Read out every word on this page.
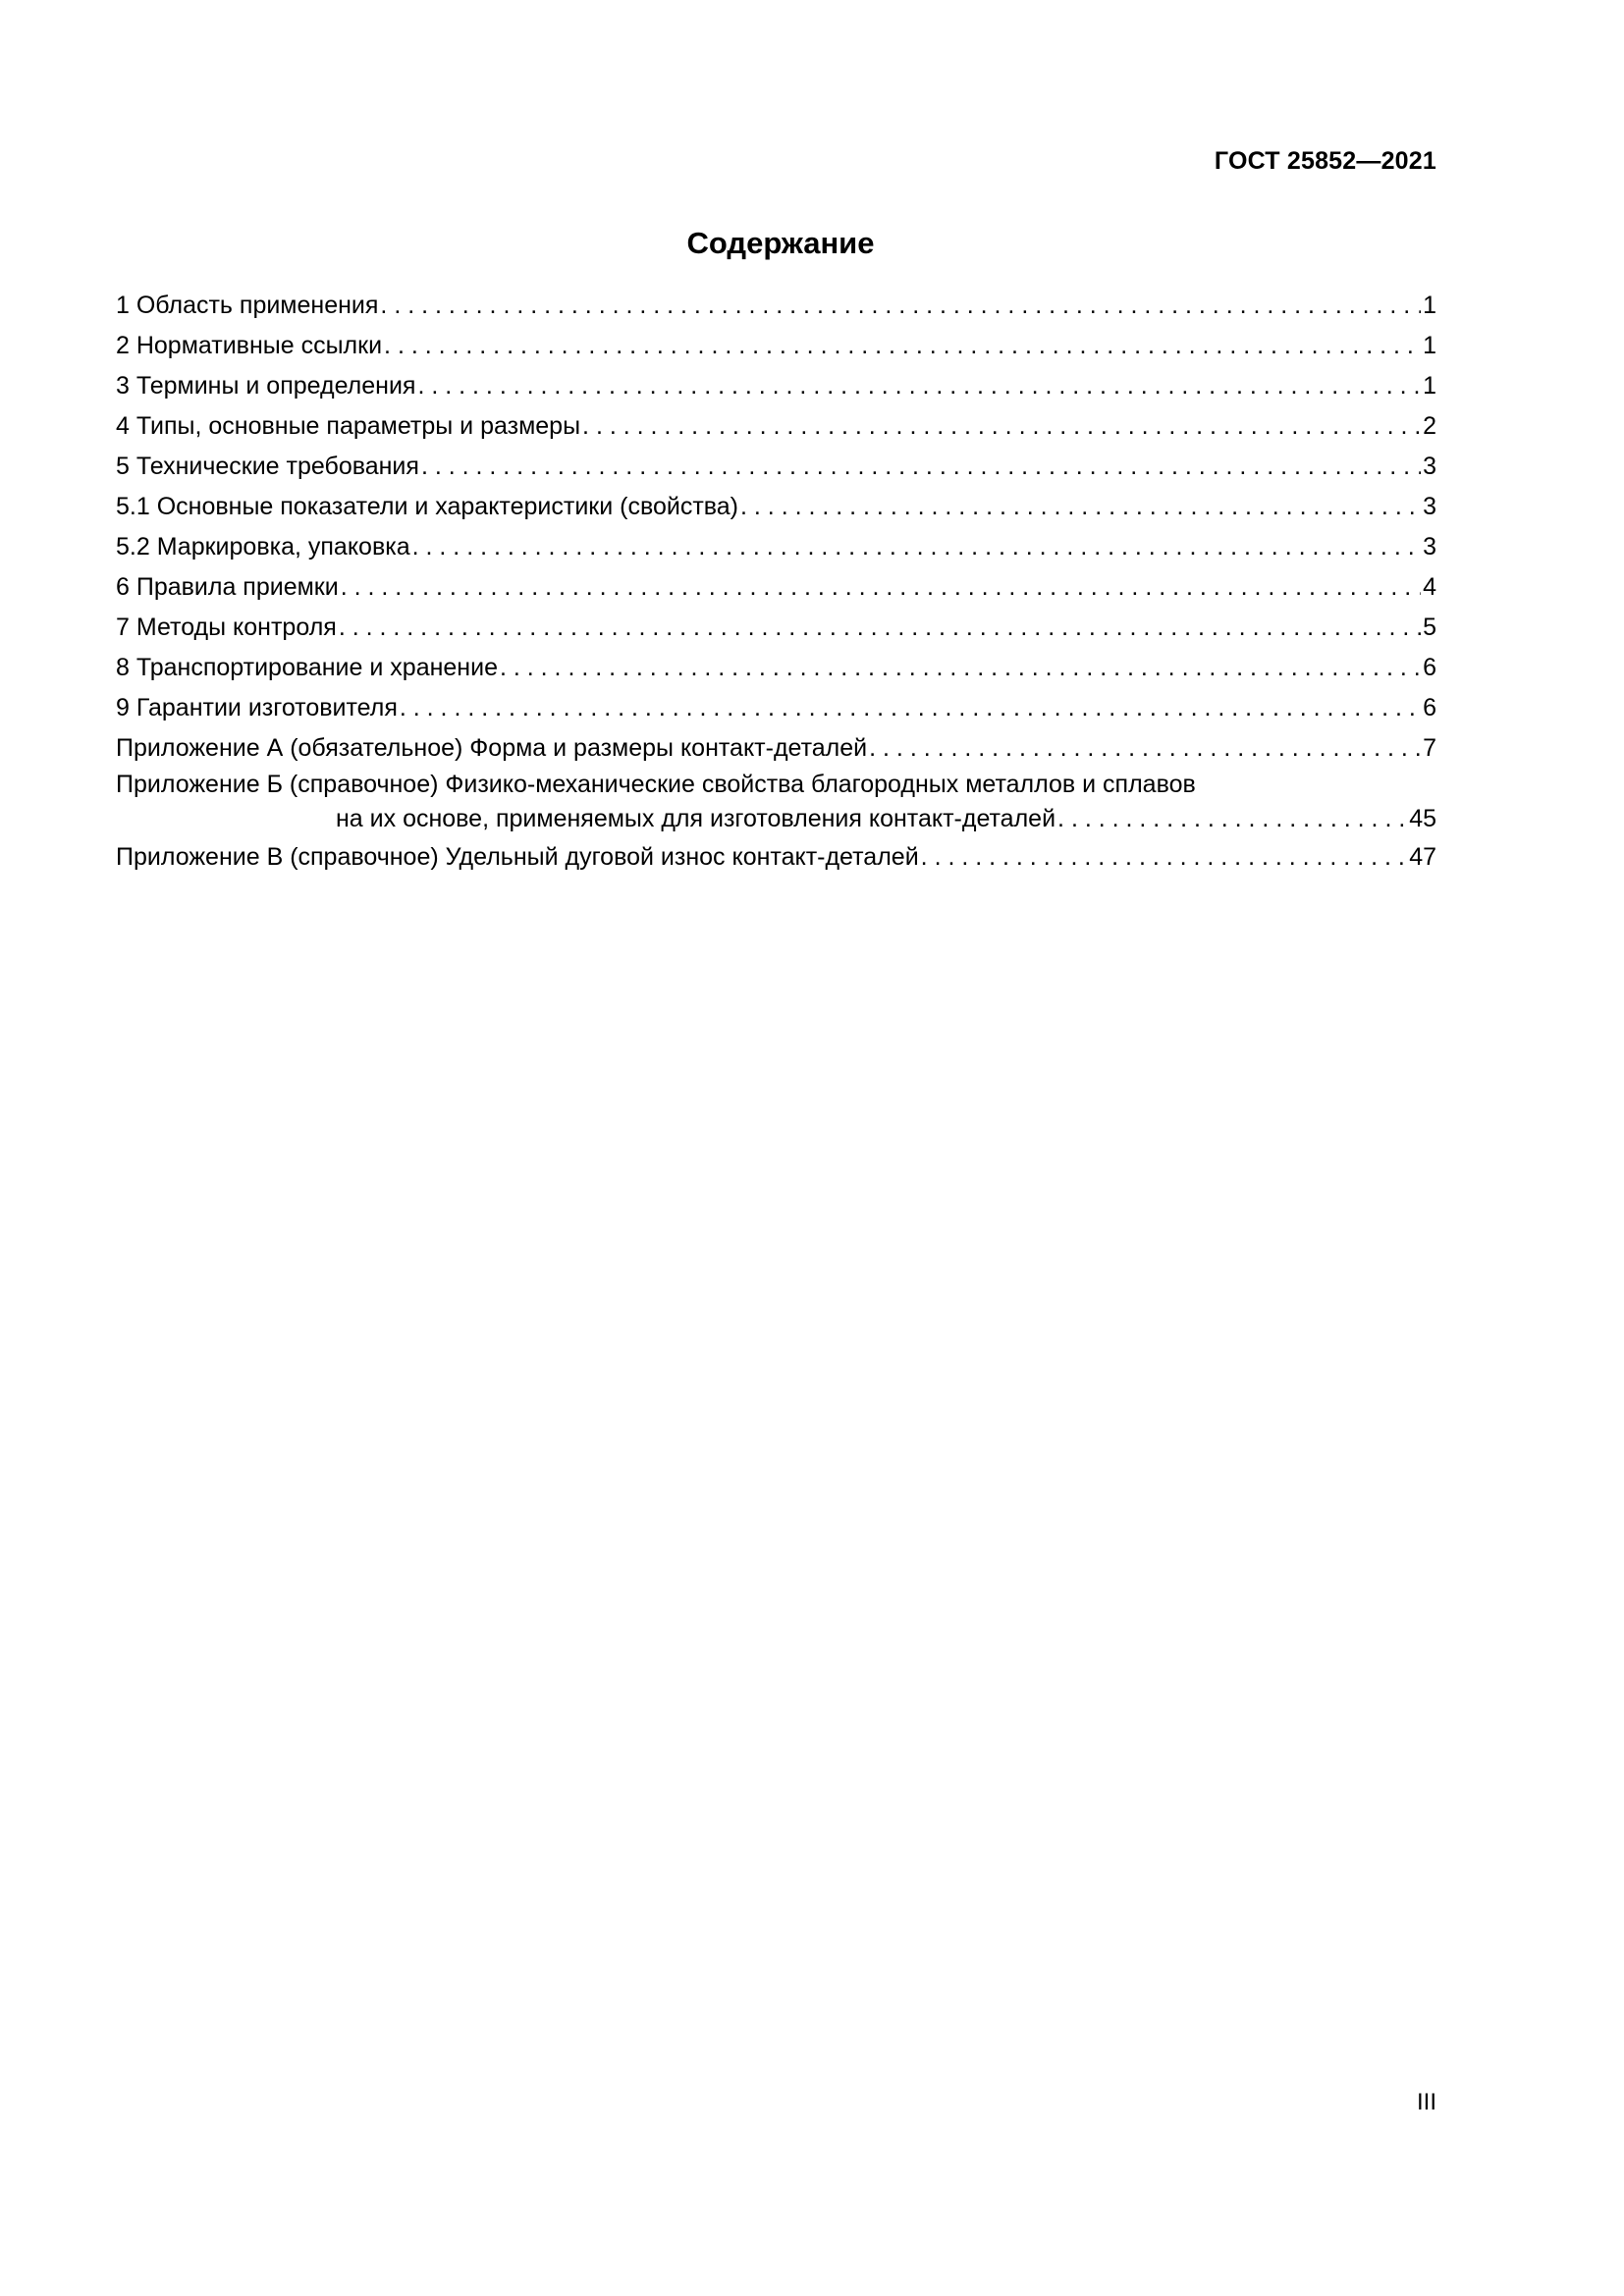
ГОСТ 25852—2021
Содержание
1 Область применения . . .	1
2 Нормативные ссылки . . .	1
3 Термины и определения . . .	1
4 Типы, основные параметры и размеры . . .	2
5 Технические требования . . .	3
5.1 Основные показатели и характеристики (свойства) . . .	3
5.2 Маркировка, упаковка . . .	3
6 Правила приемки . . .	4
7 Методы контроля . . .	5
8 Транспортирование и хранение . . .	6
9 Гарантии изготовителя . . .	6
Приложение А (обязательное) Форма и размеры контакт-деталей . . .	7
Приложение Б (справочное) Физико-механические свойства благородных металлов и сплавов
на их основе, применяемых для изготовления контакт-деталей . . .	45
Приложение В (справочное) Удельный дуговой износ контакт-деталей . . .	47
III
